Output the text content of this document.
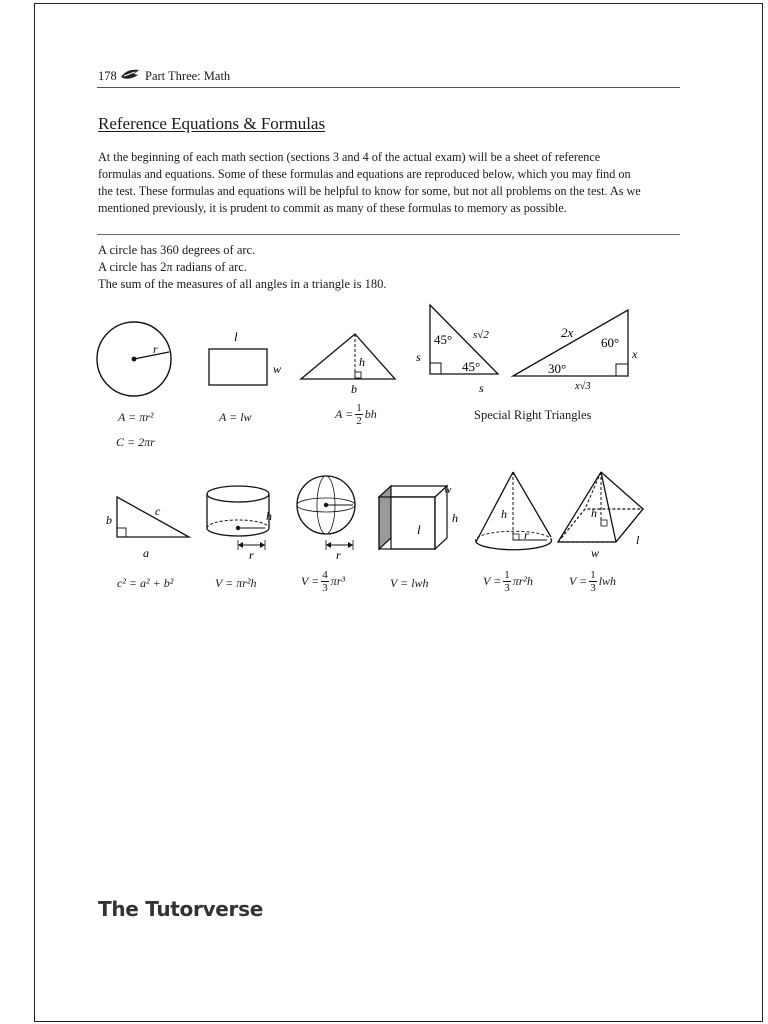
178 Part Three: Math
Reference Equations & Formulas
At the beginning of each math section (sections 3 and 4 of the actual exam) will be a sheet of reference
formulas and equations. Some of these formulas and equations are reproduced below, which you may find on
the test. These formulas and equations will be helpful to know for some, but not all problems on the test. As we
mentioned previously, it is prudent to commit as many of these formulas to memory as possible.
A circle has 360 degrees of arc.
A circle has 2π radians of arc.
The sum of the measures of all angles in a triangle is 180.
r
l
w	h
b
45°
45°
s√2
s
s
2x
60°
30°
x
x√3
A = πr²
C = 2πr
A = lw	$A = \frac{1}{2}$ bh	Special Right Triangles
b
c
a
h
r	r
w
h
l
h
r
h
w
l
c² = a² + b²	V = πr²h	$V = \frac{4}{3} \pi r^3$	V = lwh	$V = \frac{1}{3} \pi r^2h$	$V = \frac{1}{3}$ lwh
The Tutorverse
